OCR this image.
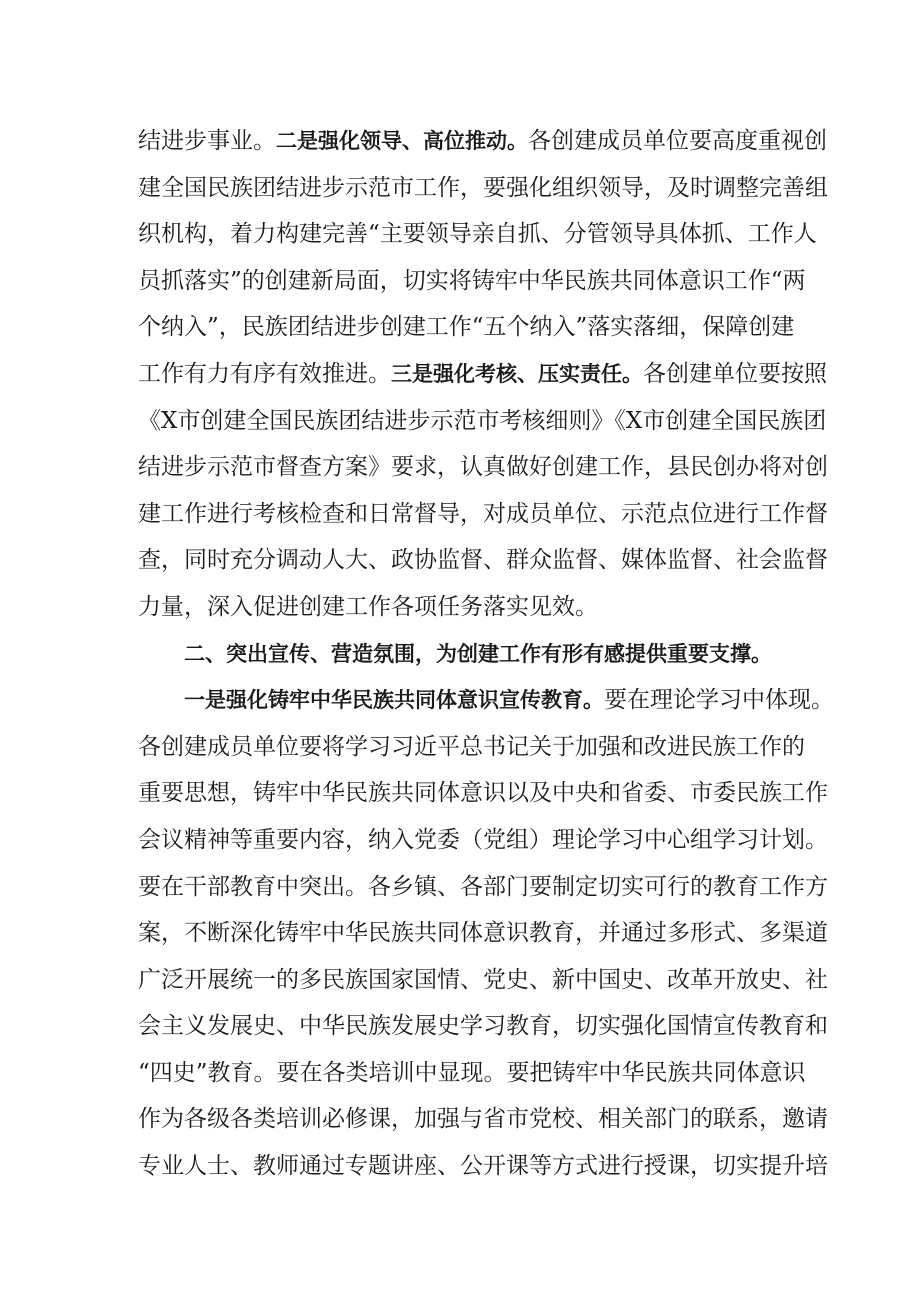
结进步事业。二是强化领导、高位推动。各创建成员单位要高度重视创
建全国民族团结进步示范市工作，要强化组织领导，及时调整完善组
织机构，着力构建完善“主要领导亲自抓、分管领导具体抓、工作人
员抓落实”的创建新局面，切实将铸牢中华民族共同体意识工作“两
个纳入”，民族团结进步创建工作“五个纳入”落实落细，保障创建
工作有力有序有效推进。三是强化考核、压实责任。各创建单位要按照
《X市创建全国民族团结进步示范市考核细则》《X市创建全国民族团
结进步示范市督查方案》要求，认真做好创建工作，县民创办将对创
建工作进行考核检查和日常督导，对成员单位、示范点位进行工作督
查，同时充分调动人大、政协监督、群众监督、媒体监督、社会监督
力量，深入促进创建工作各项任务落实见效。
二、突出宣传、营造氛围，为创建工作有形有感提供重要支撑。
一是强化铸牢中华民族共同体意识宣传教育。要在理论学习中体现。
各创建成员单位要将学习习近平总书记关于加强和改进民族工作的
重要思想，铸牢中华民族共同体意识以及中央和省委、市委民族工作
会议精神等重要内容，纳入党委（党组）理论学习中心组学习计划。
要在干部教育中突出。各乡镇、各部门要制定切实可行的教育工作方
案，不断深化铸牢中华民族共同体意识教育，并通过多形式、多渠道
广泛开展统一的多民族国家国情、党史、新中国史、改革开放史、社
会主义发展史、中华民族发展史学习教育，切实强化国情宣传教育和
“四史”教育。要在各类培训中显现。要把铸牢中华民族共同体意识
作为各级各类培训必修课，加强与省市党校、相关部门的联系，邀请
专业人士、教师通过专题讲座、公开课等方式进行授课，切实提升培
